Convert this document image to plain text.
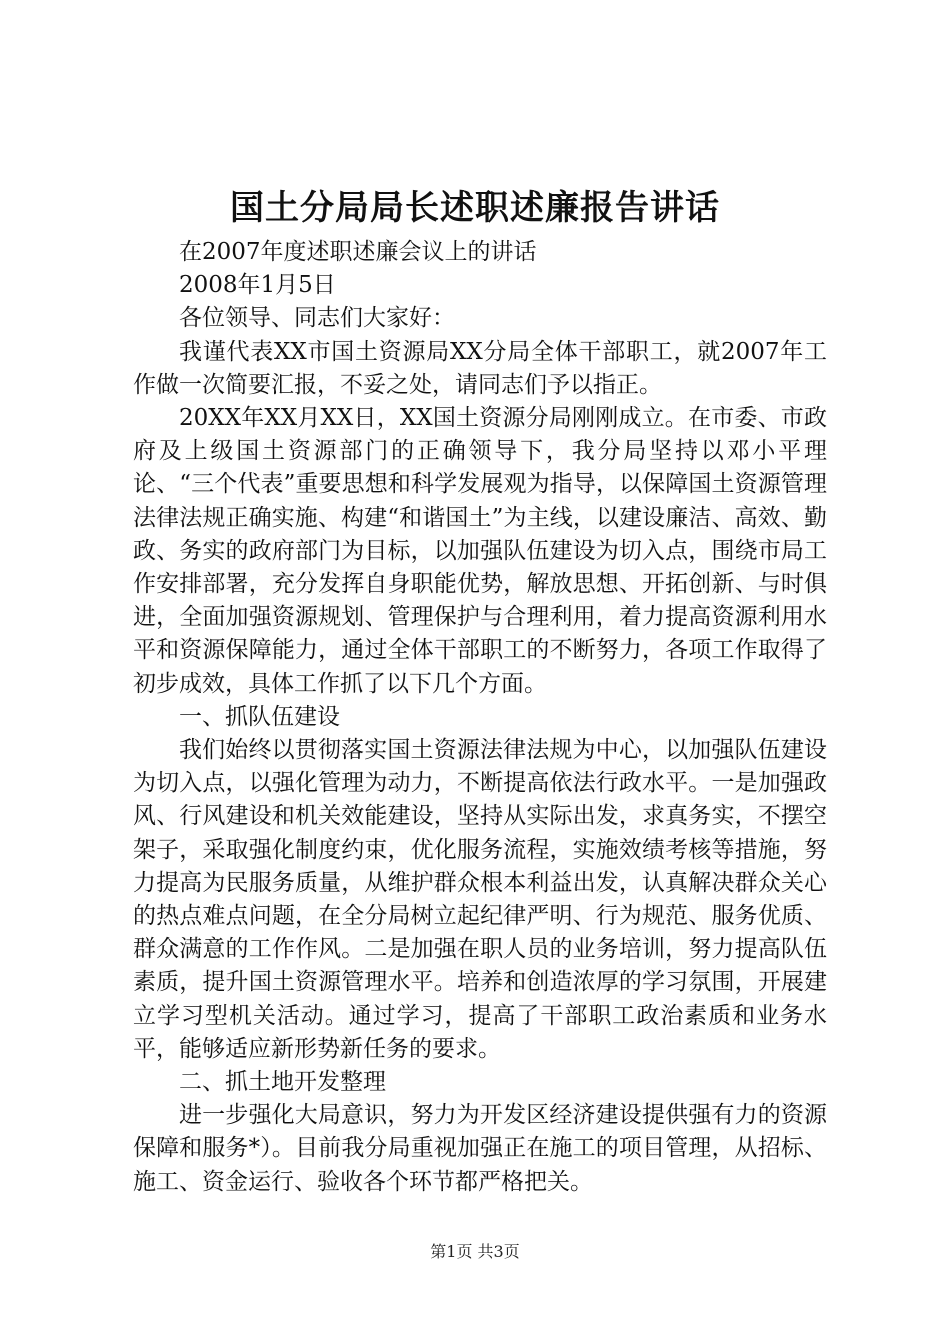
国土分局局长述职述廉报告讲话

在2007年度述职述廉会议上的讲话

2008年1月5日

各位领导、同志们大家好：

我谨代表XX市国土资源局XX分局全体干部职工，就2007年工作做一次简要汇报，不妥之处，请同志们予以指正。

20XX年XX月XX日，XX国土资源分局刚刚成立。在市委、市政府及上级国土资源部门的正确领导下，我分局坚持以邓小平理论、“三个代表”重要思想和科学发展观为指导，以保障国土资源管理法律法规正确实施、构建“和谐国土”为主线，以建设廉洁、高效、勤政、务实的政府部门为目标，以加强队伍建设为切入点，围绕市局工作安排部署，充分发挥自身职能优势，解放思想、开拓创新、与时俱进，全面加强资源规划、管理保护与合理利用，着力提高资源利用水平和资源保障能力，通过全体干部职工的不断努力，各项工作取得了初步成效，具体工作抓了以下几个方面。

一、抓队伍建设

我们始终以贯彻落实国土资源法律法规为中心，以加强队伍建设为切入点，以强化管理为动力，不断提高依法行政水平。一是加强政风、行风建设和机关效能建设，坚持从实际出发，求真务实，不摆空架子，采取强化制度约束，优化服务流程，实施效绩考核等措施，努力提高为民服务质量，从维护群众根本利益出发，认真解决群众关心的热点难点问题，在全分局树立起纪律严明、行为规范、服务优质、群众满意的工作作风。二是加强在职人员的业务培训，努力提高队伍素质，提升国土资源管理水平。培养和创造浓厚的学习氛围，开展建立学习型机关活动。通过学习，提高了干部职工政治素质和业务水平，能够适应新形势新任务的要求。

二、抓土地开发整理

进一步强化大局意识，努力为开发区经济建设提供强有力的资源保障和服务*）。目前我分局重视加强正在施工的项目管理，从招标、施工、资金运行、验收各个环节都严格把关。

第1页 共3页
